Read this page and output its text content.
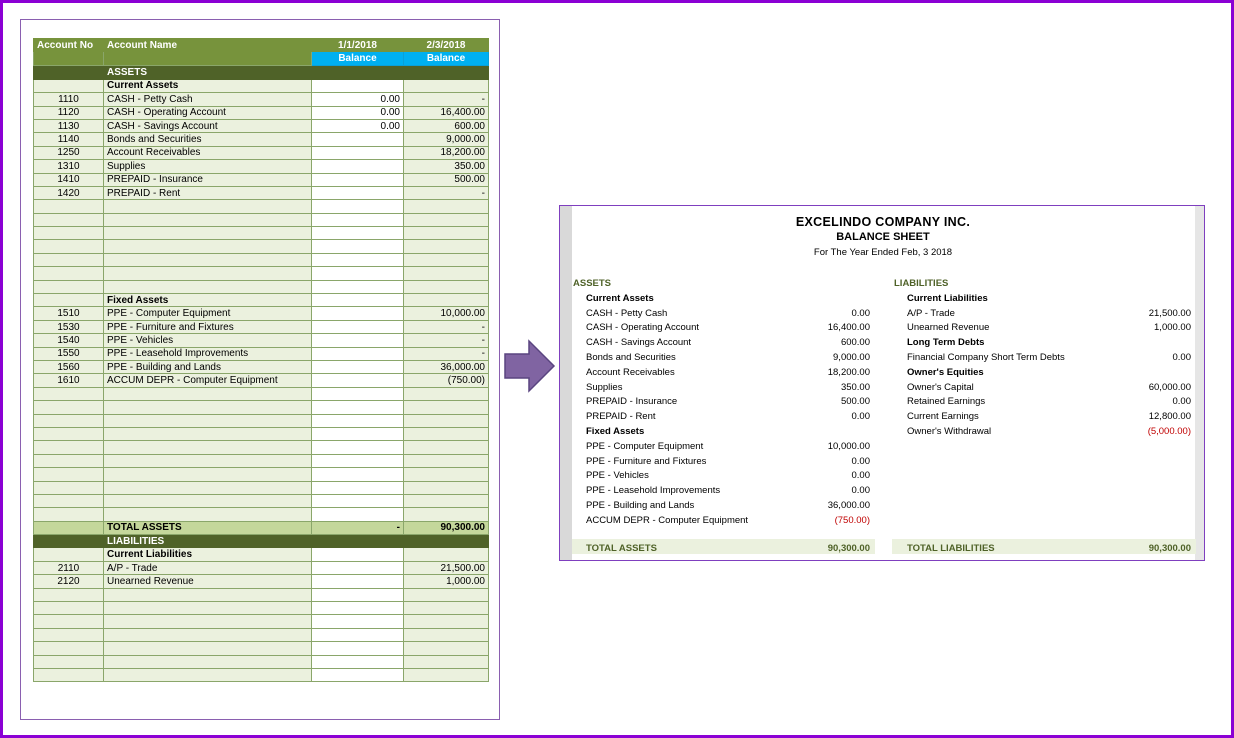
Account No	Account Name	1/1/2018	2/3/2018
		Balance	Balance
	ASSETS		
	Current Assets		
1110	CASH - Petty Cash	0.00	-
1120	CASH - Operating Account	0.00	16,400.00
1130	CASH - Savings Account	0.00	600.00
1140	Bonds and Securities		9,000.00
1250	Account Receivables		18,200.00
1310	Supplies		350.00
1410	PREPAID - Insurance		500.00
1420	PREPAID - Rent		-

	Fixed Assets		
1510	PPE - Computer Equipment		10,000.00
1530	PPE - Furniture and Fixtures		-
1540	PPE - Vehicles		-
1550	PPE - Leasehold Improvements		-
1560	PPE - Building and Lands		36,000.00
1610	ACCUM DEPR - Computer Equipment		(750.00)

	TOTAL ASSETS	-	90,300.00
	LIABILITIES		
	Current Liabilities		
2110	A/P - Trade		21,500.00
2120	Unearned Revenue		1,000.00

EXCELINDO COMPANY INC.
BALANCE SHEET
For The Year Ended Feb, 3 2018
ASSETS
Current Assets
CASH - Petty Cash	0.00
CASH - Operating Account	16,400.00
CASH - Savings Account	600.00
Bonds and Securities	9,000.00
Account Receivables	18,200.00
Supplies	350.00
PREPAID - Insurance	500.00
PREPAID - Rent	0.00
Fixed Assets
PPE - Computer Equipment	10,000.00
PPE - Furniture and Fixtures	0.00
PPE - Vehicles	0.00
PPE - Leasehold Improvements	0.00
PPE - Building and Lands	36,000.00
ACCUM DEPR - Computer Equipment	(750.00)
LIABILITIES
Current Liabilities
A/P - Trade	21,500.00
Unearned Revenue	1,000.00
Long Term Debts
Financial Company Short Term Debts	0.00
Owner's Equities
Owner's Capital	60,000.00
Retained Earnings	0.00
Current Earnings	12,800.00
Owner's Withdrawal	(5,000.00)
TOTAL ASSETS	90,300.00	TOTAL LIABILITIES	90,300.00
